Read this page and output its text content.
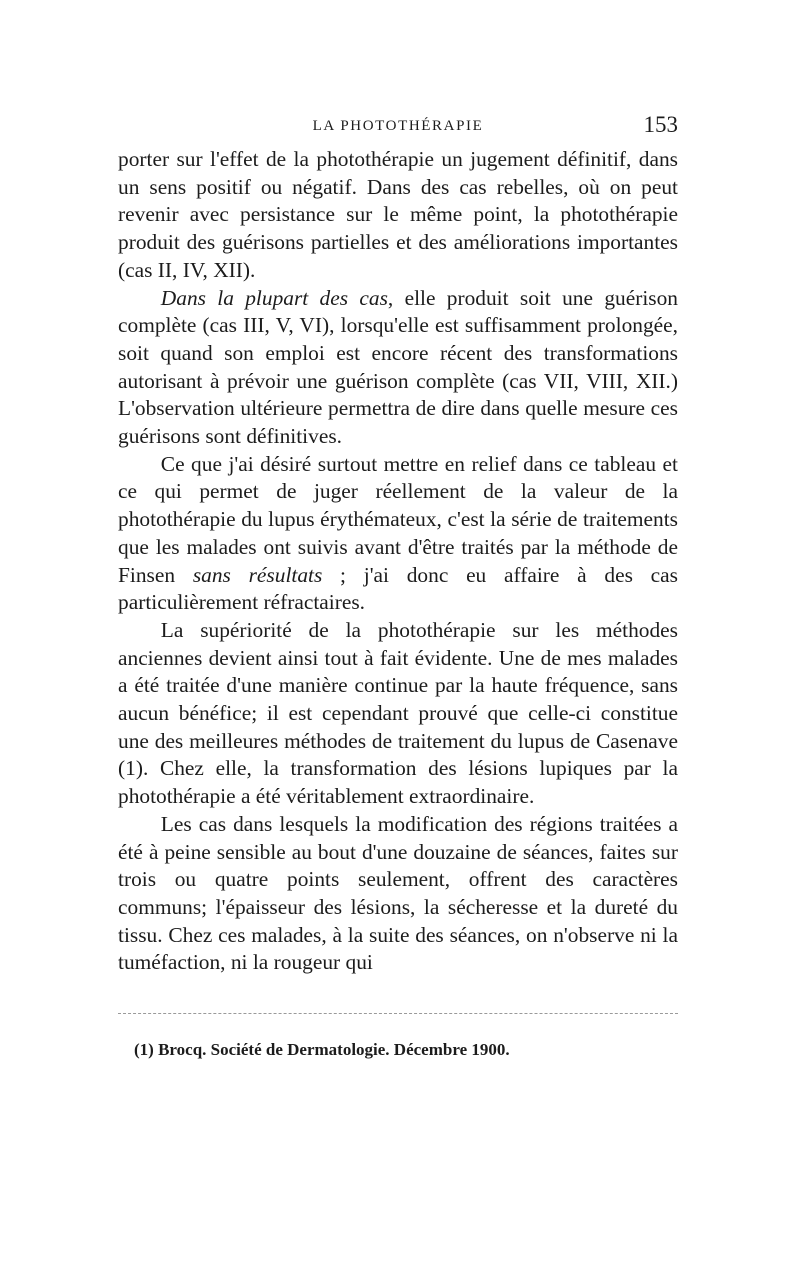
LA PHOTOTHÉRAPIE	153

porter sur l'effet de la photothérapie un jugement définitif, dans un sens positif ou négatif. Dans des cas rebelles, où on peut revenir avec persistance sur le même point, la photothérapie produit des guérisons partielles et des améliorations importantes (cas II, IV, XII).

Dans la plupart des cas, elle produit soit une guérison complète (cas III, V, VI), lorsqu'elle est suffisamment prolongée, soit quand son emploi est encore récent des transformations autorisant à prévoir une guérison complète (cas VII, VIII, XII.) L'observation ultérieure permettra de dire dans quelle mesure ces guérisons sont définitives.

Ce que j'ai désiré surtout mettre en relief dans ce tableau et ce qui permet de juger réellement de la valeur de la photothérapie du lupus érythémateux, c'est la série de traitements que les malades ont suivis avant d'être traités par la méthode de Finsen sans résultats ; j'ai donc eu affaire à des cas particulièrement réfractaires.

La supériorité de la photothérapie sur les méthodes anciennes devient ainsi tout à fait évidente. Une de mes malades a été traitée d'une manière continue par la haute fréquence, sans aucun bénéfice; il est cependant prouvé que celle-ci constitue une des meilleures méthodes de traitement du lupus de Casenave (1). Chez elle, la transformation des lésions lupiques par la photothérapie a été véritablement extraordinaire.

Les cas dans lesquels la modification des régions traitées a été à peine sensible au bout d'une douzaine de séances, faites sur trois ou quatre points seulement, offrent des caractères communs; l'épaisseur des lésions, la sécheresse et la dureté du tissu. Chez ces malades, à la suite des séances, on n'observe ni la tuméfaction, ni la rougeur qui

(1) Brocq. Société de Dermatologie. Décembre 1900.
